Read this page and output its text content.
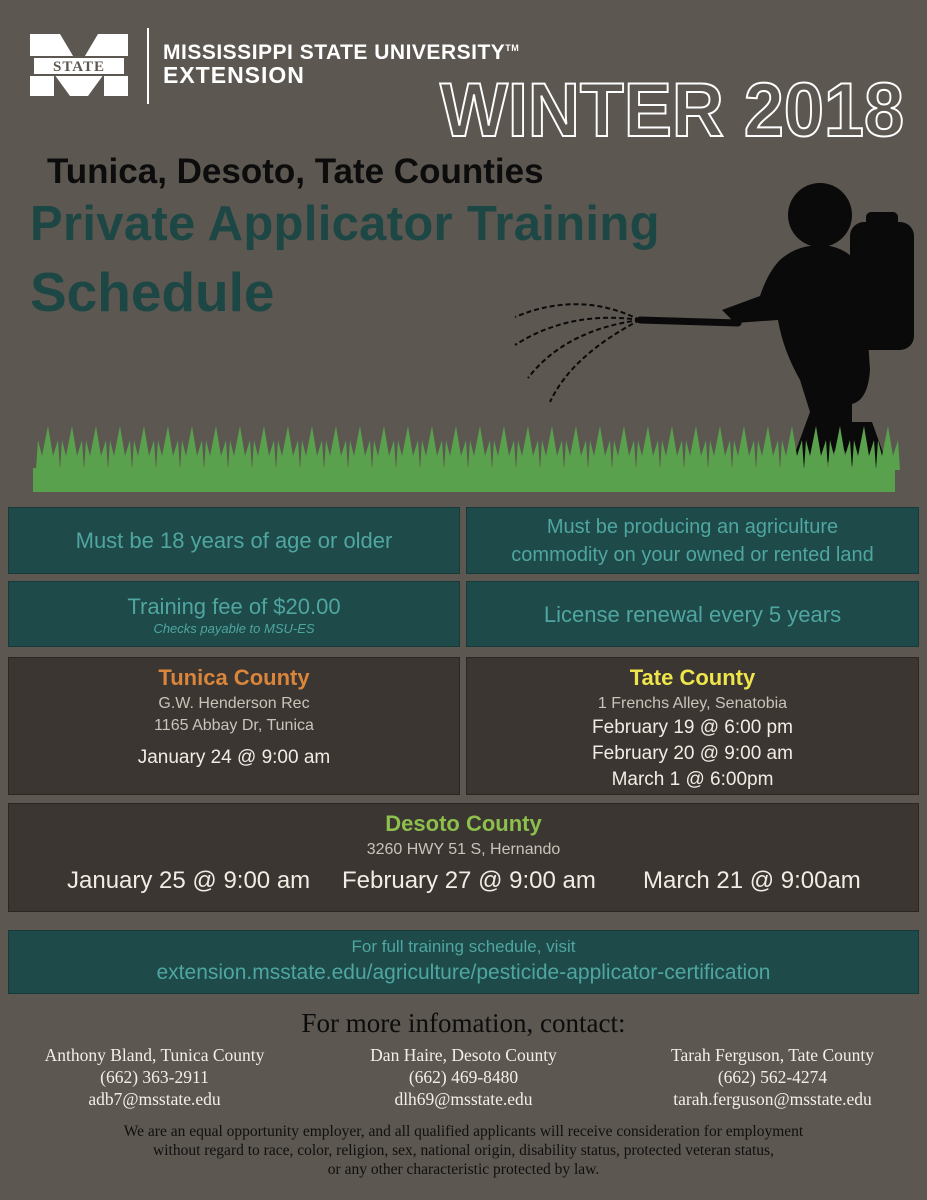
STATE
MISSISSIPPI STATE UNIVERSITY™
EXTENSION WINTER 2018
Tunica, Desoto, Tate Counties
Private Applicator Training
Schedule
Must be 18 years of age or older
Must be producing an agriculture
commodity on your owned or rented land
Training fee of $20.00
Checks payable to MSU-ES
License renewal every 5 years
Tunica County
G.W. Henderson Rec
1165 Abbay Dr, Tunica
January 24 @ 9:00 am
Tate County
1 Frenchs Alley, Senatobia
February 19 @ 6:00 pm
February 20 @ 9:00 am
March 1 @ 6:00pm
Desoto County
3260 HWY 51 S, Hernando
January 25 @ 9:00 am February 27 @ 9:00 am March 21 @ 9:00am
For full training schedule, visit
extension.msstate.edu/agriculture/pesticide-applicator-certification
For more infomation, contact:
Anthony Bland, Tunica County
(662) 363-2911
adb7@msstate.edu
Dan Haire, Desoto County
(662) 469-8480
dlh69@msstate.edu
Tarah Ferguson, Tate County
(662) 562-4274
tarah.ferguson@msstate.edu
We are an equal opportunity employer, and all qualified applicants will receive consideration for employment
without regard to race, color, religion, sex, national origin, disability status, protected veteran status,
or any other characteristic protected by law.
